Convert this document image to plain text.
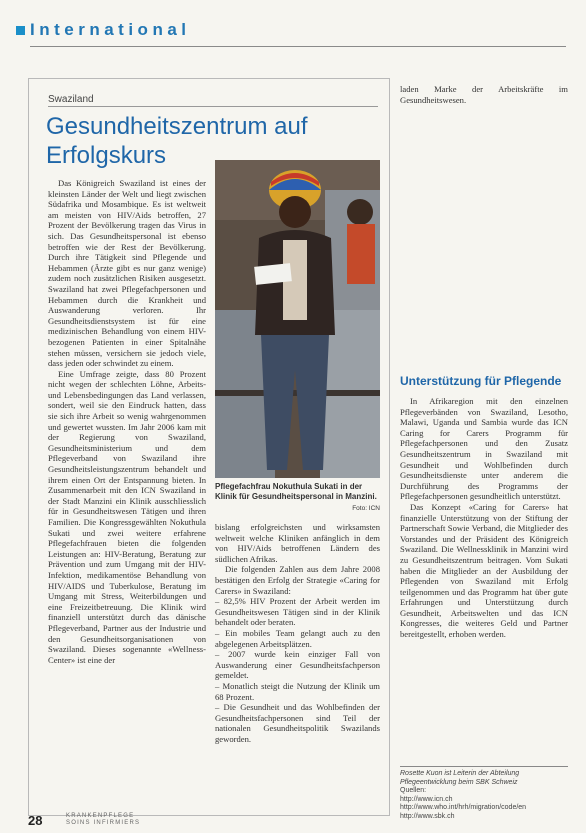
International
Swaziland
Gesundheitszentrum auf Erfolgskurs

Das Königreich Swaziland ist eines der kleinsten Länder der Welt und liegt zwischen Südafrika und Mosambique. Es ist weltweit am meisten von HIV/Aids betroffen, 27 Prozent der Bevölkerung tragen das Virus in sich. Das Gesundheitspersonal ist ebenso betroffen wie der Rest der Bevölkerung. Durch ihre Tätigkeit sind Pflegende und Hebammen (Ärzte gibt es nur ganz wenige) zudem noch zusätzlichen Risiken ausgesetzt. Swaziland hat zwei Pflegefachpersonen und Hebammen durch die Krankheit und Auswanderung verloren. Ihr Gesundheitsdienstsystem ist für eine medizinischen Behandlung von einem HIV-bezogenen Patienten in einer Spitalnähe stehen müssen, versichern sie jedoch viele, dass jeden oder schwindet zu einem.

Eine Umfrage zeigte, dass 80 Prozent nicht wegen der schlechten Löhne, Arbeits- und Lebensbedingungen das Land verlassen, sondert, weil sie den Eindruck hatten, dass sie sich ihre Arbeit so wenig wahrgenommen und gewertet wussten. Im Jahr 2006 kam mit der Regierung von Swaziland, Gesundheitsministerium und dem Pflegeverband von Swaziland ihre Gesundheitsleistungszentrum behandelt und ihrem einen Ort der Entspannung bieten. In Zusammenarbeit mit den ICN Swaziland in der Stadt Manzini ein Klinik ausschliesslich für in Gesundheitswesen Tätigen und ihren Familien. Die Kongressgewählten Nokuthula Sukati und zwei weitere erfahrene Pflegefachfrauen bieten die folgenden Leistungen an: HIV-Beratung, Beratung zur Prävention und zum Umgang mit der HIV-Infektion, medikamentöse Behandlung von HIV/AIDS und Tuberkulose, Beratung im Umgang mit Stress, Weiterbildungen und eine Freizeitbetreuung. Die Klinik wird finanziell unterstützt durch das dänische Pflegeverband, Partner aus der Industrie und den Gesundheitsorganisationen von Swaziland. Dieses sogenannte «Wellness-Center» ist eine der

Pflegefachfrau Nokuthula Sukati in der Klinik für Gesundheitspersonal in Manzini.
Foto: ICN

bislang erfolgreichsten und wirksamsten weltweit welche Kliniken anfänglich in dem von HIV/Aids betroffenen Ländern des südlichen Afrikas.

Die folgenden Zahlen aus dem Jahre 2008 bestätigen den Erfolg der Strategie «Caring for Carers» in Swaziland:

– 82,5% HIV Prozent der Arbeit werden im Gesundheitswesen Tätigen sind in der Klinik behandelt oder beraten.

– Ein mobiles Team gelangt auch zu den abgelegenen Arbeitsplätzen.

– 2007 wurde kein einziger Fall von Auswanderung einer Gesundheitsfachperson gemeldet.

– Monatlich steigt die Nutzung der Klinik um 68 Prozent.

– Die Gesundheit und das Wohlbefinden der Gesundheitsfachpersonen sind Teil der nationalen Gesundheitspolitik Swazilands geworden.

laden Marke der Arbeitskräfte im Gesundheitswesen.

Unterstützung für Pflegende

In Afrikaregion mit den einzelnen Pflegeverbänden von Swaziland, Lesotho, Malawi, Uganda und Sambia wurde das ICN Caring for Carers Programm für Pflegefachpersonen und den Zusatz Gesundheitszentrum in Swaziland mit Gesundheit und Wohlbefinden durch Gesundheitsdienste unter anderem die Durchführung des Programms der Pflegefachpersonen gesundheitlich unterstützt.

Das Konzept «Caring for Carers» hat finanzielle Unterstützung von der Stiftung der Partnerschaft Sowie Verband, die Mitglieder des Vorstandes und der Präsident des Königreich Swaziland. Die Wellnessklinik in Manzini wird zu Gesundheitszentrum beitragen. Vom Sukati haben die Mitglieder an der Ausbildung der Pflegenden von Swaziland mit Erfolg teilgenommen und das Programm hat über gute Erfahrungen und Unterstützung durch Gesundheit, Arbeitswelten und das ICN Kongresses, die weiteres Geld und Partner bereitgestellt, erhoben werden.

Rosette Kuon ist Leiterin der Abteilung Pflegeentwicklung beim SBK Schweiz
Quellen:
http://www.icn.ch
http://www.who.int/hrh/migration/code/en
http://www.sbk.ch
28	KRANKENPFLEGE
SOINS INFIRMIERS
